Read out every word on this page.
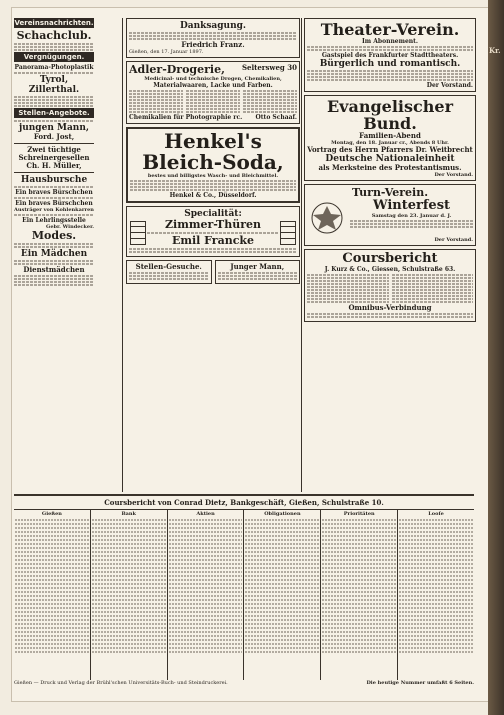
Kr.
Vereinsnachrichten.
Schachclub.
Vergnügungen.
Panorama-Photoplastik
Tyrol, Zillerthal.
Stellen-Angebote.
jungen Mann,
Ford. Jost,
Zwei tüchtige
Schreinergesellen
Ch. H. Müller,
Hausbursche
Ein braves Bürschchen
Ein braves Bürschchen
Austräger von Kohlenkarren
Ein Lehrlingsstelle
Gebr. Windecker.
Modes.
Ein Mädchen
Dienstmädchen
Danksagung.
Friedrich Franz.
Gießen, den 17. Januar 1897.
Adler-Drogerie, Seltersweg 30
Medicinal- und technische Drogen, Chemikalien,
Materialwaaren, Lacke und Farben.
Chemikalien für Photographie rc. Otto Schaaf.
Henkel's
Bleich-Soda,
bestes und billigstes Wasch- und Bleichmittel.
Henkel & Co., Düsseldorf.
Specialität:
Zimmer-Thüren
Emil Francke
Stellen-Gesuche.	Junger Mann,
Theater-Verein.
Im Abonnement.
Gastspiel des Frankfurter Stadttheaters.
Bürgerlich und romantisch.
Der Vorstand.
Evangelischer Bund.
Familien-Abend
Montag, den 18. Januar cr., Abends 8 Uhr.
Vortrag des Herrn Pfarrers Dr. Weitbrecht
Deutsche Nationaleinheit
als Merksteine des Protestantismus.
Der Vorstand.
Turn-Verein.
Winterfest
Samstag den 23. Januar d. J.
Der Vorstand.
Coursbericht
J. Kurz & Co., Giessen, Schulstraße 63.
Omnibus-Verbindung
Coursbericht von Conrad Dietz, Bankgeschäft, Gießen, Schulstraße 10.
Gießen	Bank	Aktien	Obligationen	Prioritäten	Looſe
Gießen — Druck und Verlag der Brühl'schen Universitäts-Buch- und Steindruckerei.	Die heutige Nummer umfaßt 6 Seiten.
